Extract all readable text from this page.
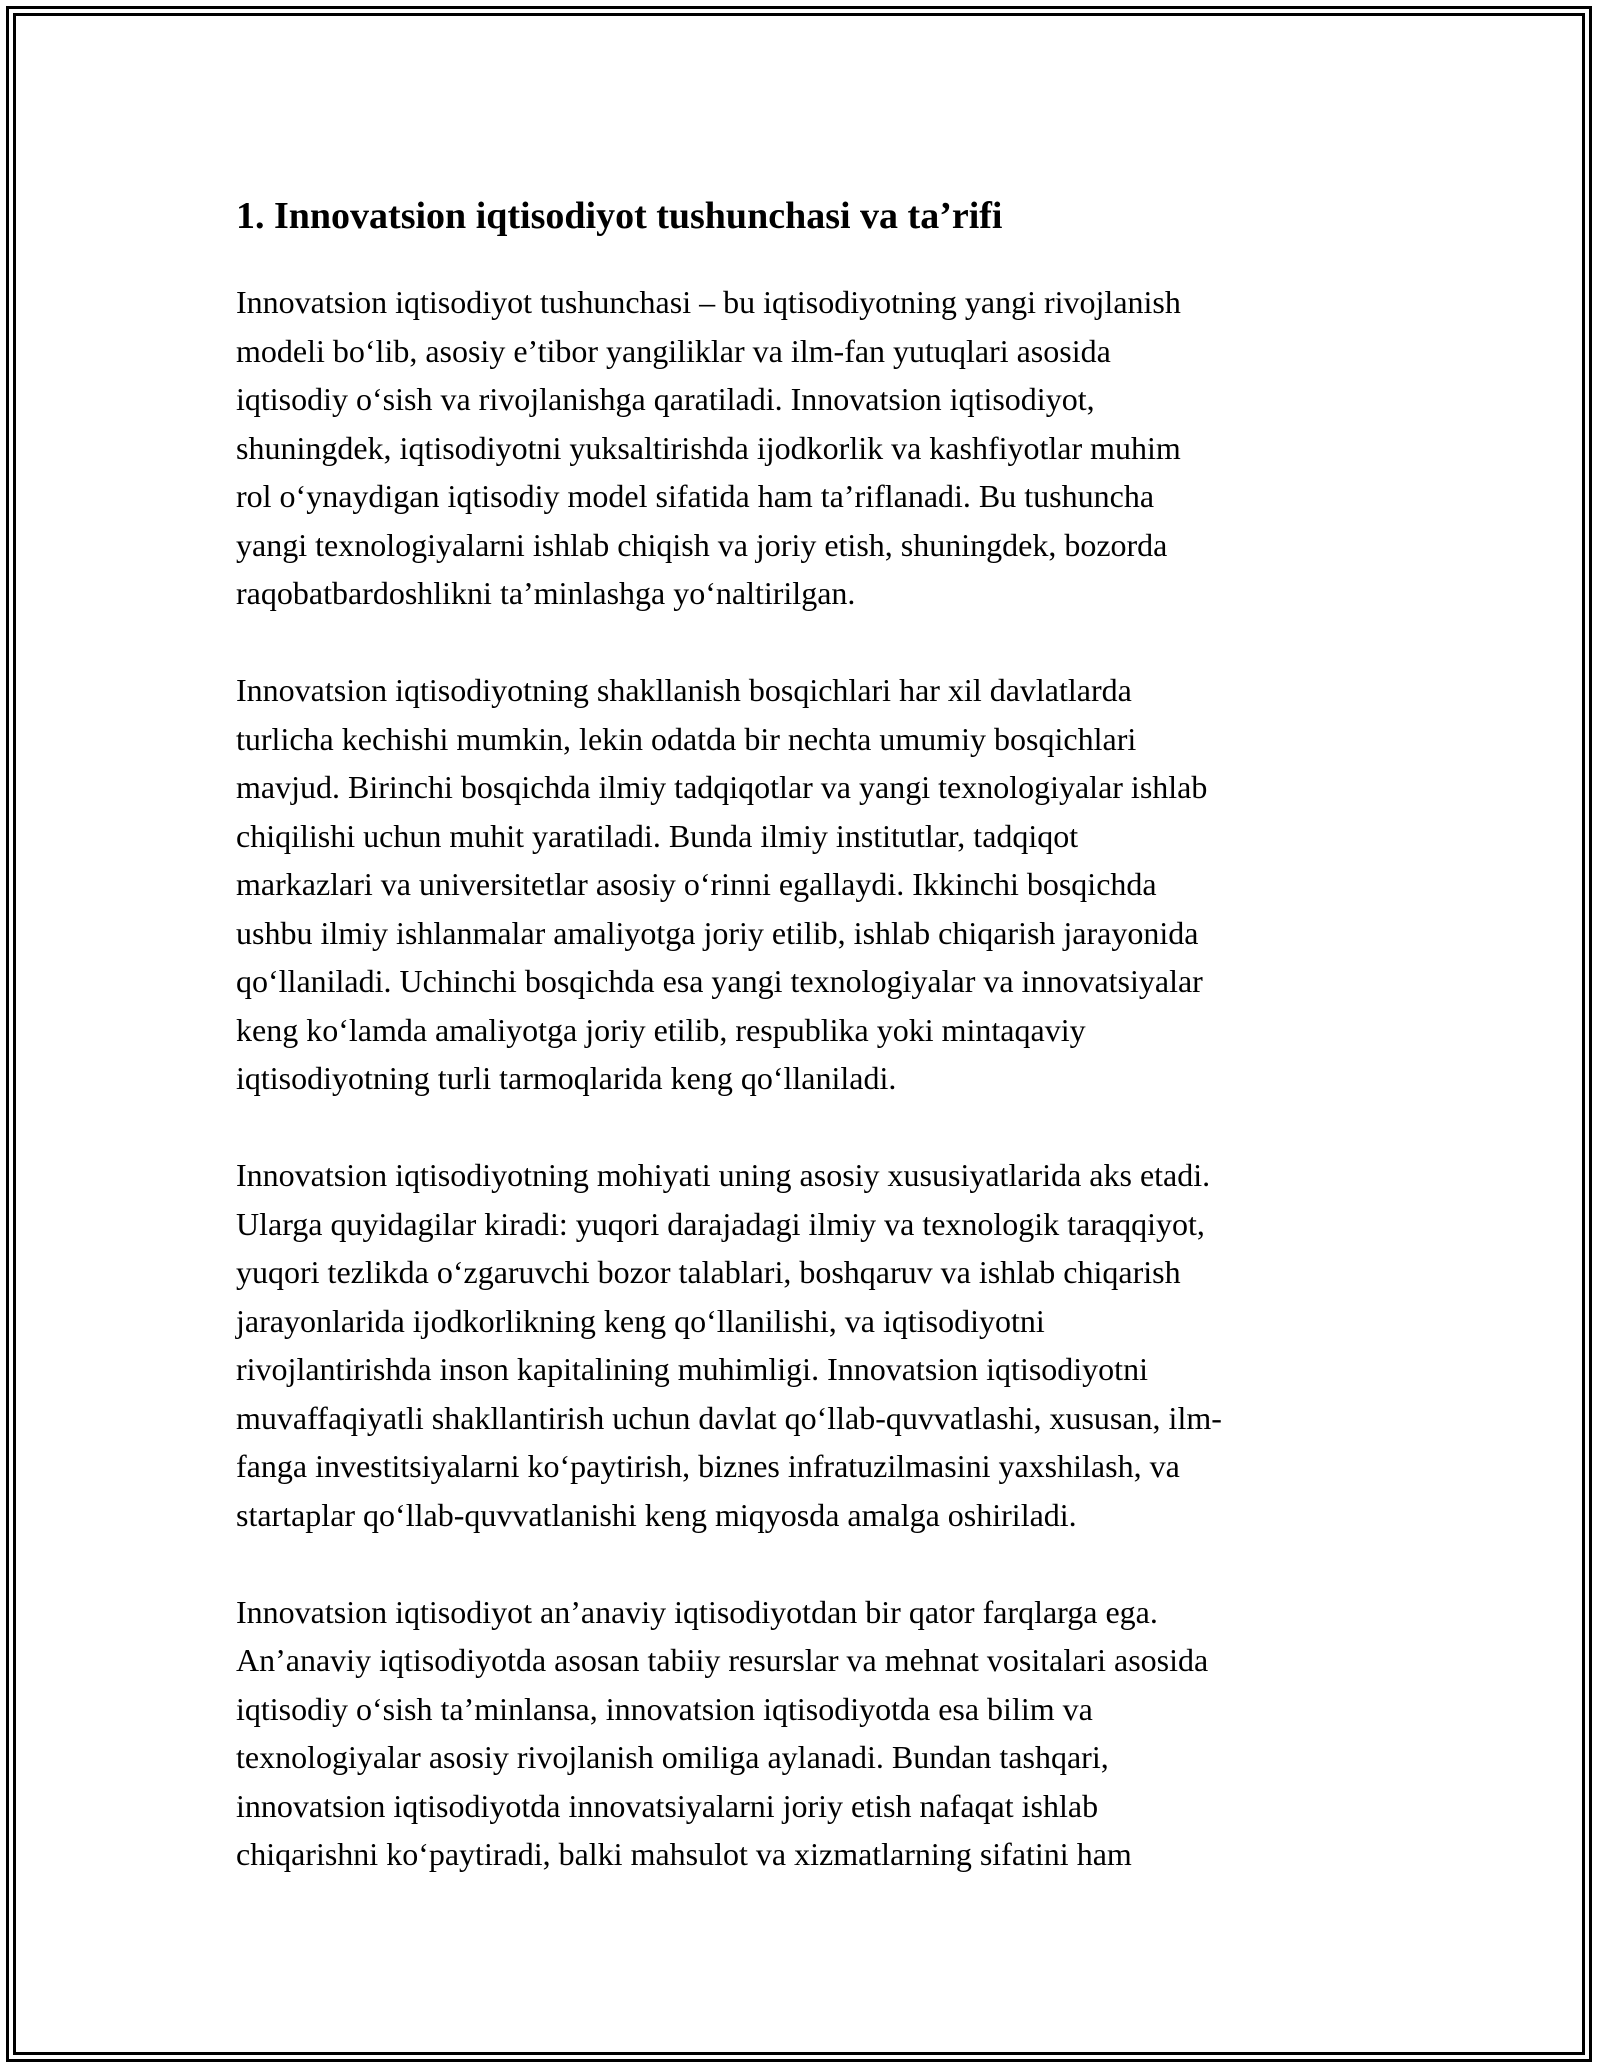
1. Innovatsion iqtisodiyot tushunchasi va ta’rifi
Innovatsion iqtisodiyot tushunchasi – bu iqtisodiyotning yangi rivojlanish
modeli bo‘lib, asosiy e’tibor yangiliklar va ilm-fan yutuqlari asosida
iqtisodiy o‘sish va rivojlanishga qaratiladi. Innovatsion iqtisodiyot,
shuningdek, iqtisodiyotni yuksaltirishda ijodkorlik va kashfiyotlar muhim
rol o‘ynaydigan iqtisodiy model sifatida ham ta’riflanadi. Bu tushuncha
yangi texnologiyalarni ishlab chiqish va joriy etish, shuningdek, bozorda
raqobatbardoshlikni ta’minlashga yo‘naltirilgan.
Innovatsion iqtisodiyotning shakllanish bosqichlari har xil davlatlarda
turlicha kechishi mumkin, lekin odatda bir nechta umumiy bosqichlari
mavjud. Birinchi bosqichda ilmiy tadqiqotlar va yangi texnologiyalar ishlab
chiqilishi uchun muhit yaratiladi. Bunda ilmiy institutlar, tadqiqot
markazlari va universitetlar asosiy o‘rinni egallaydi. Ikkinchi bosqichda
ushbu ilmiy ishlanmalar amaliyotga joriy etilib, ishlab chiqarish jarayonida
qo‘llaniladi. Uchinchi bosqichda esa yangi texnologiyalar va innovatsiyalar
keng ko‘lamda amaliyotga joriy etilib, respublika yoki mintaqaviy
iqtisodiyotning turli tarmoqlarida keng qo‘llaniladi.
Innovatsion iqtisodiyotning mohiyati uning asosiy xususiyatlarida aks etadi.
Ularga quyidagilar kiradi: yuqori darajadagi ilmiy va texnologik taraqqiyot,
yuqori tezlikda o‘zgaruvchi bozor talablari, boshqaruv va ishlab chiqarish
jarayonlarida ijodkorlikning keng qo‘llanilishi, va iqtisodiyotni
rivojlantirishda inson kapitalining muhimligi. Innovatsion iqtisodiyotni
muvaffaqiyatli shakllantirish uchun davlat qo‘llab-quvvatlashi, xususan, ilm-
fanga investitsiyalarni ko‘paytirish, biznes infratuzilmasini yaxshilash, va
startaplar qo‘llab-quvvatlanishi keng miqyosda amalga oshiriladi.
Innovatsion iqtisodiyot an’anaviy iqtisodiyotdan bir qator farqlarga ega.
An’anaviy iqtisodiyotda asosan tabiiy resurslar va mehnat vositalari asosida
iqtisodiy o‘sish ta’minlansa, innovatsion iqtisodiyotda esa bilim va
texnologiyalar asosiy rivojlanish omiliga aylanadi. Bundan tashqari,
innovatsion iqtisodiyotda innovatsiyalarni joriy etish nafaqat ishlab
chiqarishni ko‘paytiradi, balki mahsulot va xizmatlarning sifatini ham
